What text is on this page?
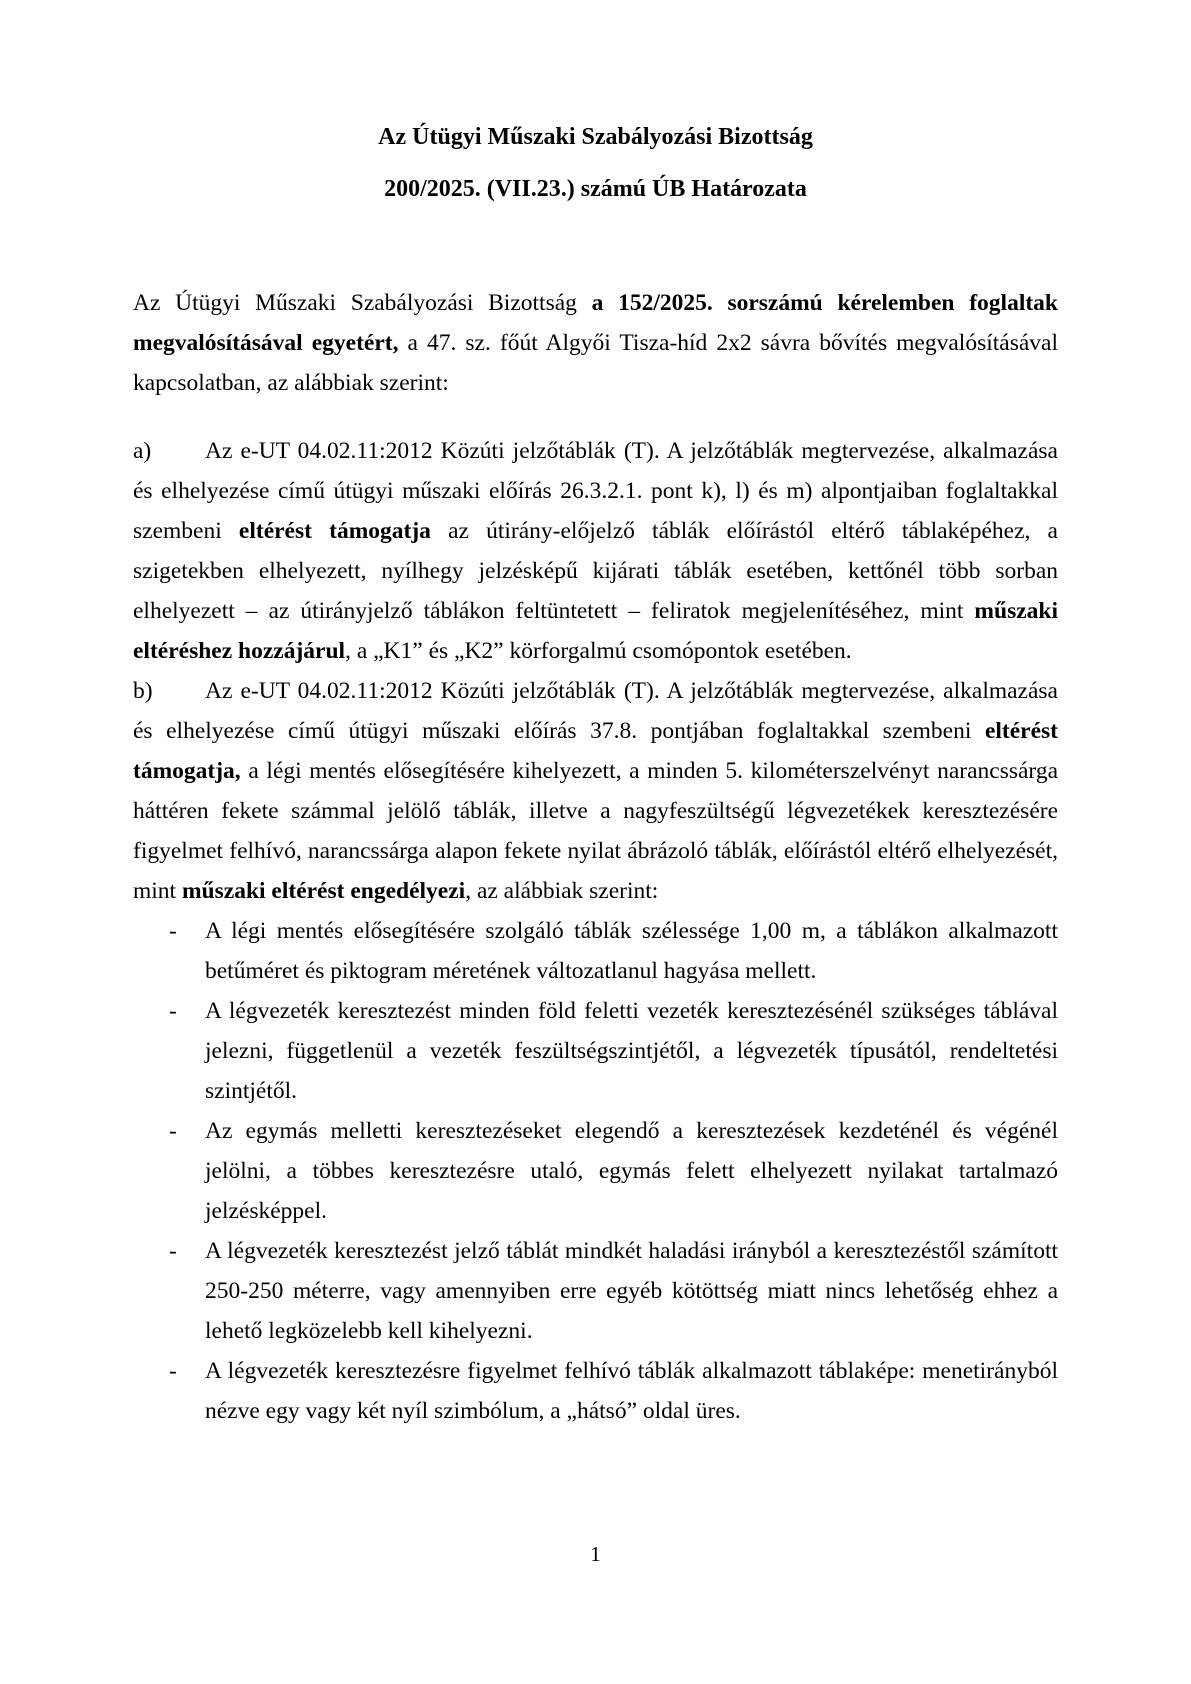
Az Útügyi Műszaki Szabályozási Bizottság
200/2025. (VII.23.) számú ÚB Határozata
Az Útügyi Műszaki Szabályozási Bizottság a 152/2025. sorszámú kérelemben foglaltak megvalósításával egyetért, a 47. sz. főút Algyői Tisza-híd 2x2 sávra bővítés megvalósításával kapcsolatban, az alábbiak szerint:
a) Az e-UT 04.02.11:2012 Közúti jelzőtáblák (T). A jelzőtáblák megtervezése, alkalmazása és elhelyezése című útügyi műszaki előírás 26.3.2.1. pont k), l) és m) alpontjaiban foglaltakkal szembeni eltérést támogatja az útirány-előjelző táblák előírástól eltérő táblaképéhez, a szigetekben elhelyezett, nyílhegy jelzésképű kijárati táblák esetében, kettőnél több sorban elhelyezett – az útirányjelző táblákon feltüntetett – feliratok megjelenítéséhez, mint műszaki eltéréshez hozzájárul, a „K1” és „K2” körforgalmú csomópontok esetében.
b) Az e-UT 04.02.11:2012 Közúti jelzőtáblák (T). A jelzőtáblák megtervezése, alkalmazása és elhelyezése című útügyi műszaki előírás 37.8. pontjában foglaltakkal szembeni eltérést támogatja, a légi mentés elősegítésére kihelyezett, a minden 5. kilométerszelvényt narancssárga háttéren fekete számmal jelölő táblák, illetve a nagyfeszültségű légvezetékek keresztezésére figyelmet felhívó, narancssárga alapon fekete nyilat ábrázoló táblák, előírástól eltérő elhelyezését, mint műszaki eltérést engedélyezi, az alábbiak szerint:
- A légi mentés elősegítésére szolgáló táblák szélessége 1,00 m, a táblákon alkalmazott betűméret és piktogram méretének változatlanul hagyása mellett.
- A légvezeték keresztezést minden föld feletti vezeték keresztezésénél szükséges táblával jelezni, függetlenül a vezeték feszültségszintjétől, a légvezeték típusától, rendeltetési szintjétől.
- Az egymás melletti keresztezéseket elegendő a keresztezések kezdeténél és végénél jelölni, a többes keresztezésre utaló, egymás felett elhelyezett nyilakat tartalmazó jelzésképpel.
- A légvezeték keresztezést jelző táblát mindkét haladási irányból a keresztezéstől számított 250-250 méterre, vagy amennyiben erre egyéb kötöttség miatt nincs lehetőség ehhez a lehető legközelebb kell kihelyezni.
- A légvezeték keresztezésre figyelmet felhívó táblák alkalmazott táblaképe: menetirányból nézve egy vagy két nyíl szimbólum, a „hátsó” oldal üres.
1
